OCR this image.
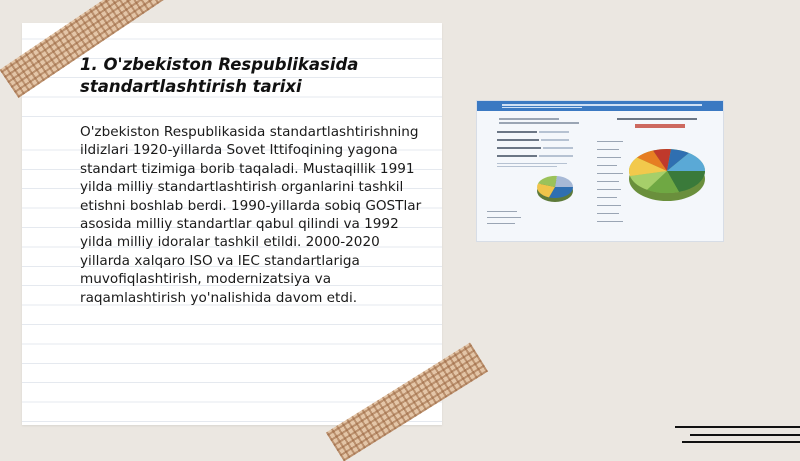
1. O'zbekiston Respublikasida standartlashtirish tarixi

O'zbekiston Respublikasida standartlashtirishning ildizlari 1920-yillarda Sovet Ittifoqining yagona standart tizimiga borib taqaladi. Mustaqillik 1991 yilda milliy standartlashtirish organlarini tashkil etishni boshlab berdi. 1990-yillarda sobiq GOSTlar asosida milliy standartlar qabul qilindi va 1992 yilda milliy idoralar tashkil etildi. 2000-2020 yillarda xalqaro ISO va IEC standartlariga muvofiqlashtirish, modernizatsiya va raqamlashtirish yo'nalishida davom etdi.
